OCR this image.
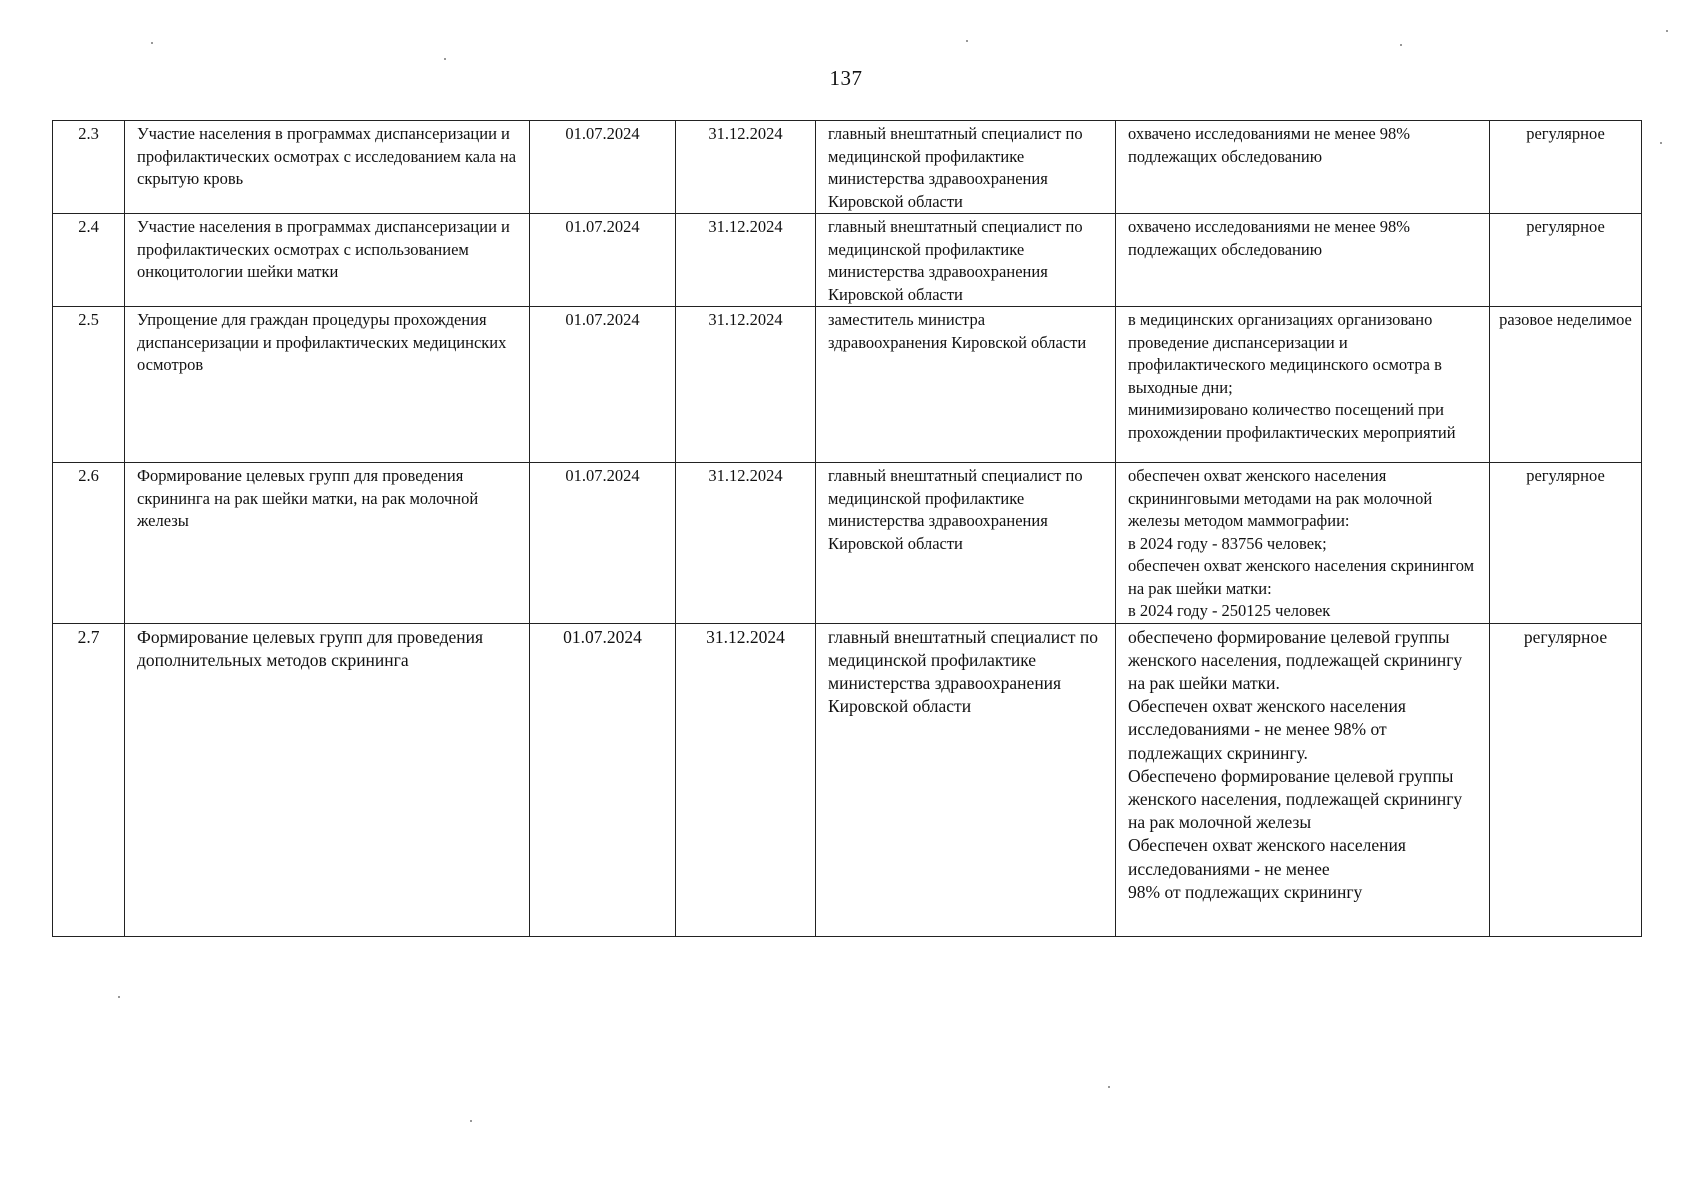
137
2.3	Участие населения в программах диспансеризации и профилактических осмотрах с исследованием кала на скрытую кровь	01.07.2024	31.12.2024	главный внештатный специалист по медицинской профилактике министерства здравоохранения Кировской области	охвачено исследованиями не менее 98% подлежащих обследованию	регулярное
2.4	Участие населения в программах диспансеризации и профилактических осмотрах с использованием онкоцитологии шейки матки	01.07.2024	31.12.2024	главный внештатный специалист по медицинской профилактике министерства здравоохранения Кировской области	охвачено исследованиями не менее 98% подлежащих обследованию	регулярное
2.5	Упрощение для граждан процедуры прохождения диспансеризации и профилактических медицинских осмотров	01.07.2024	31.12.2024	заместитель министра здравоохранения Кировской области	в медицинских организациях организовано проведение диспансеризации и профилактического медицинского осмотра в выходные дни;
минимизировано количество посещений при прохождении профилактических мероприятий	разовое неделимое
2.6	Формирование целевых групп для проведения скрининга на рак шейки матки, на рак молочной железы	01.07.2024	31.12.2024	главный внештатный специалист по медицинской профилактике министерства здравоохранения Кировской области	обеспечен охват женского населения скрининговыми методами на рак молочной железы методом маммографии:
в 2024 году - 83756 человек;
обеспечен охват женского населения скринингом на рак шейки матки:
в 2024 году - 250125 человек	регулярное
2.7	Формирование целевых групп для проведения дополнительных методов скрининга	01.07.2024	31.12.2024	главный внештатный специалист по медицинской профилактике министерства здравоохранения Кировской области	обеспечено формирование целевой группы женского населения, подлежащей скринингу на рак шейки матки.
Обеспечен охват женского населения исследованиями - не менее 98% от подлежащих скринингу.
Обеспечено формирование целевой группы женского населения, подлежащей скринингу на рак молочной железы
Обеспечен охват женского населения исследованиями - не менее
98% от подлежащих скринингу	регулярное
